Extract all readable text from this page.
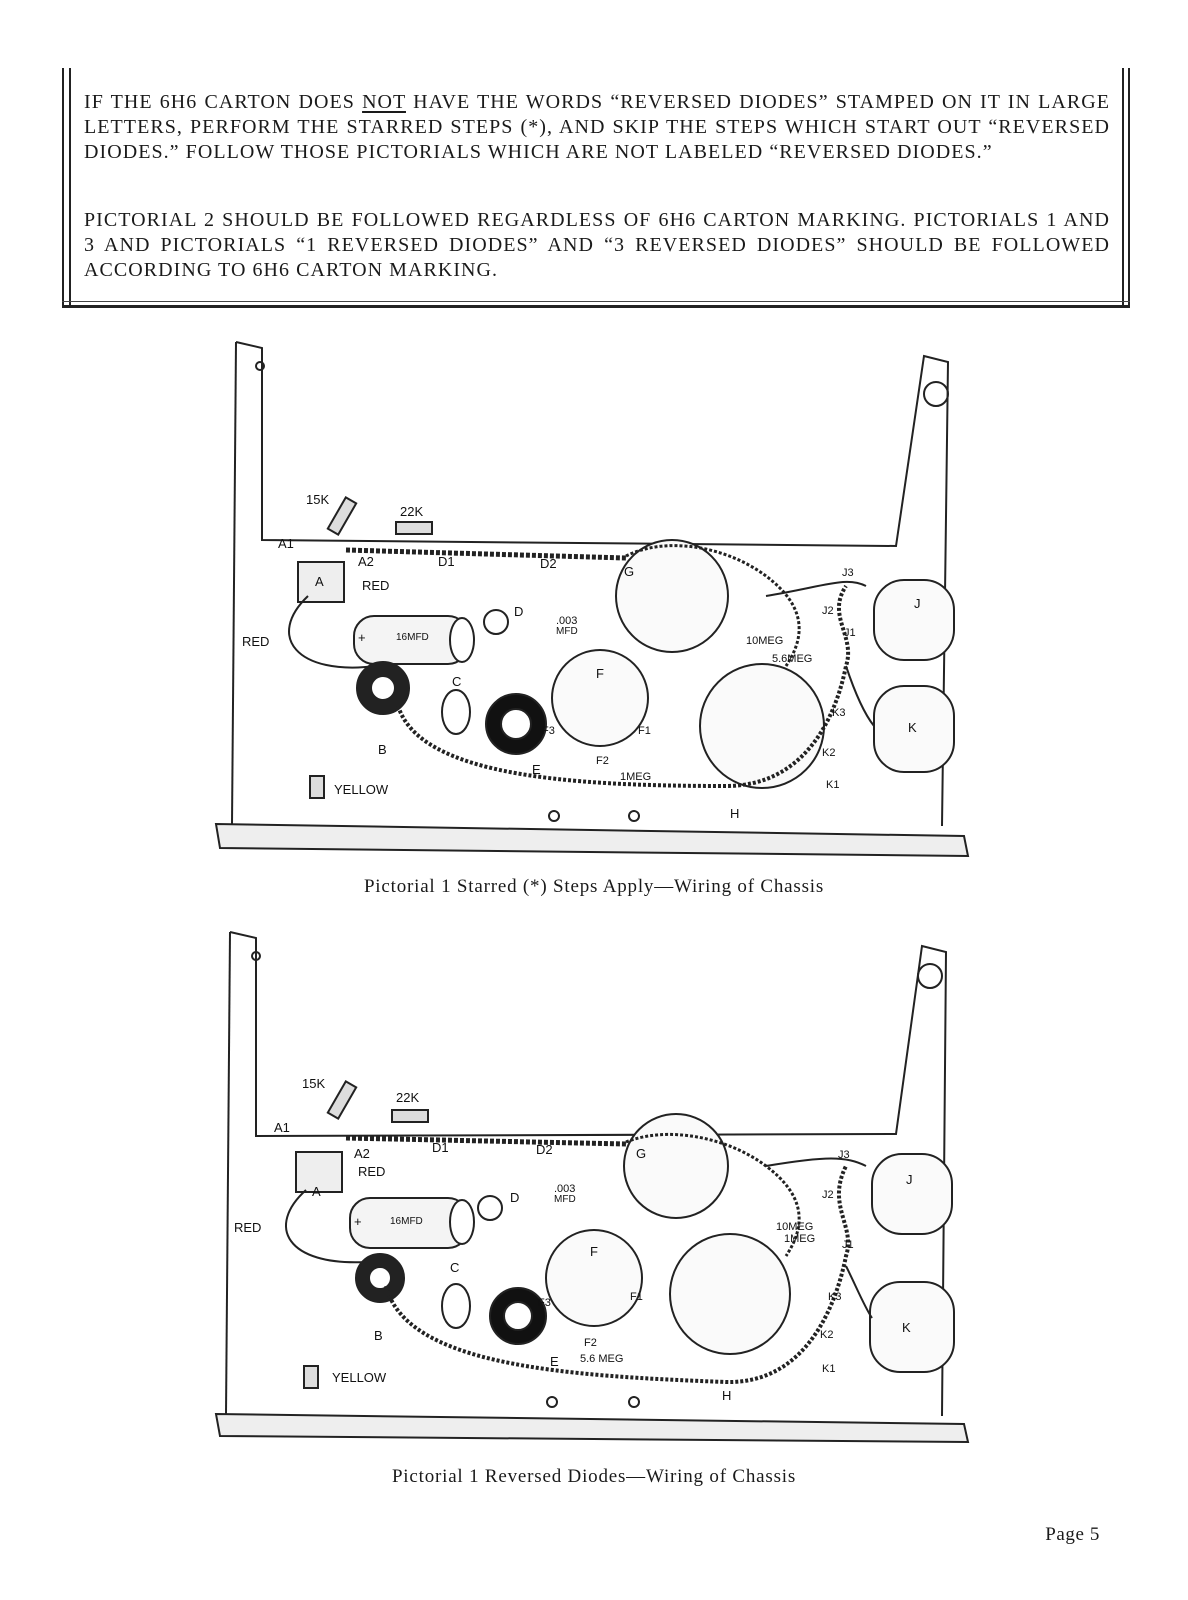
IF THE 6H6 CARTON DOES NOT HAVE THE WORDS “REVERSED DIODES” STAMPED ON IT IN LARGE LETTERS, PERFORM THE STARRED STEPS (*), AND SKIP THE STEPS WHICH START OUT “REVERSED DIODES.” FOLLOW THOSE PICTORIALS WHICH ARE NOT LABELED “REVERSED DIODES.”

PICTORIAL 2 SHOULD BE FOLLOWED REGARDLESS OF 6H6 CARTON MARKING. PICTORIALS 1 AND 3 AND PICTORIALS “1 REVERSED DIODES” AND “3 REVERSED DIODES” SHOULD BE FOLLOWED ACCORDING TO 6H6 CARTON MARKING.

15K
22K
A1
A2	D1	D2
RED
RED	16MFD
+
A
B
C
D
E
F
G
H
J
K
.003
MFD
10MEG
5.6MEG
1MEG
F1
F2
F3
J1
J2
J3
K1
K2
K3
YELLOW
Pictorial 1 Starred (*) Steps Apply—Wiring of Chassis
15K
22K
A1
A2	D1	D2
RED
RED	16MFD
+
A
B
C
D
E
F
G
H
J
K
.003
MFD
10MEG
1MEG
5.6 MEG
F1
F2
F3
J1
J2
J3
K1
K2
K3
YELLOW
Pictorial 1 Reversed Diodes—Wiring of Chassis
Page 5
